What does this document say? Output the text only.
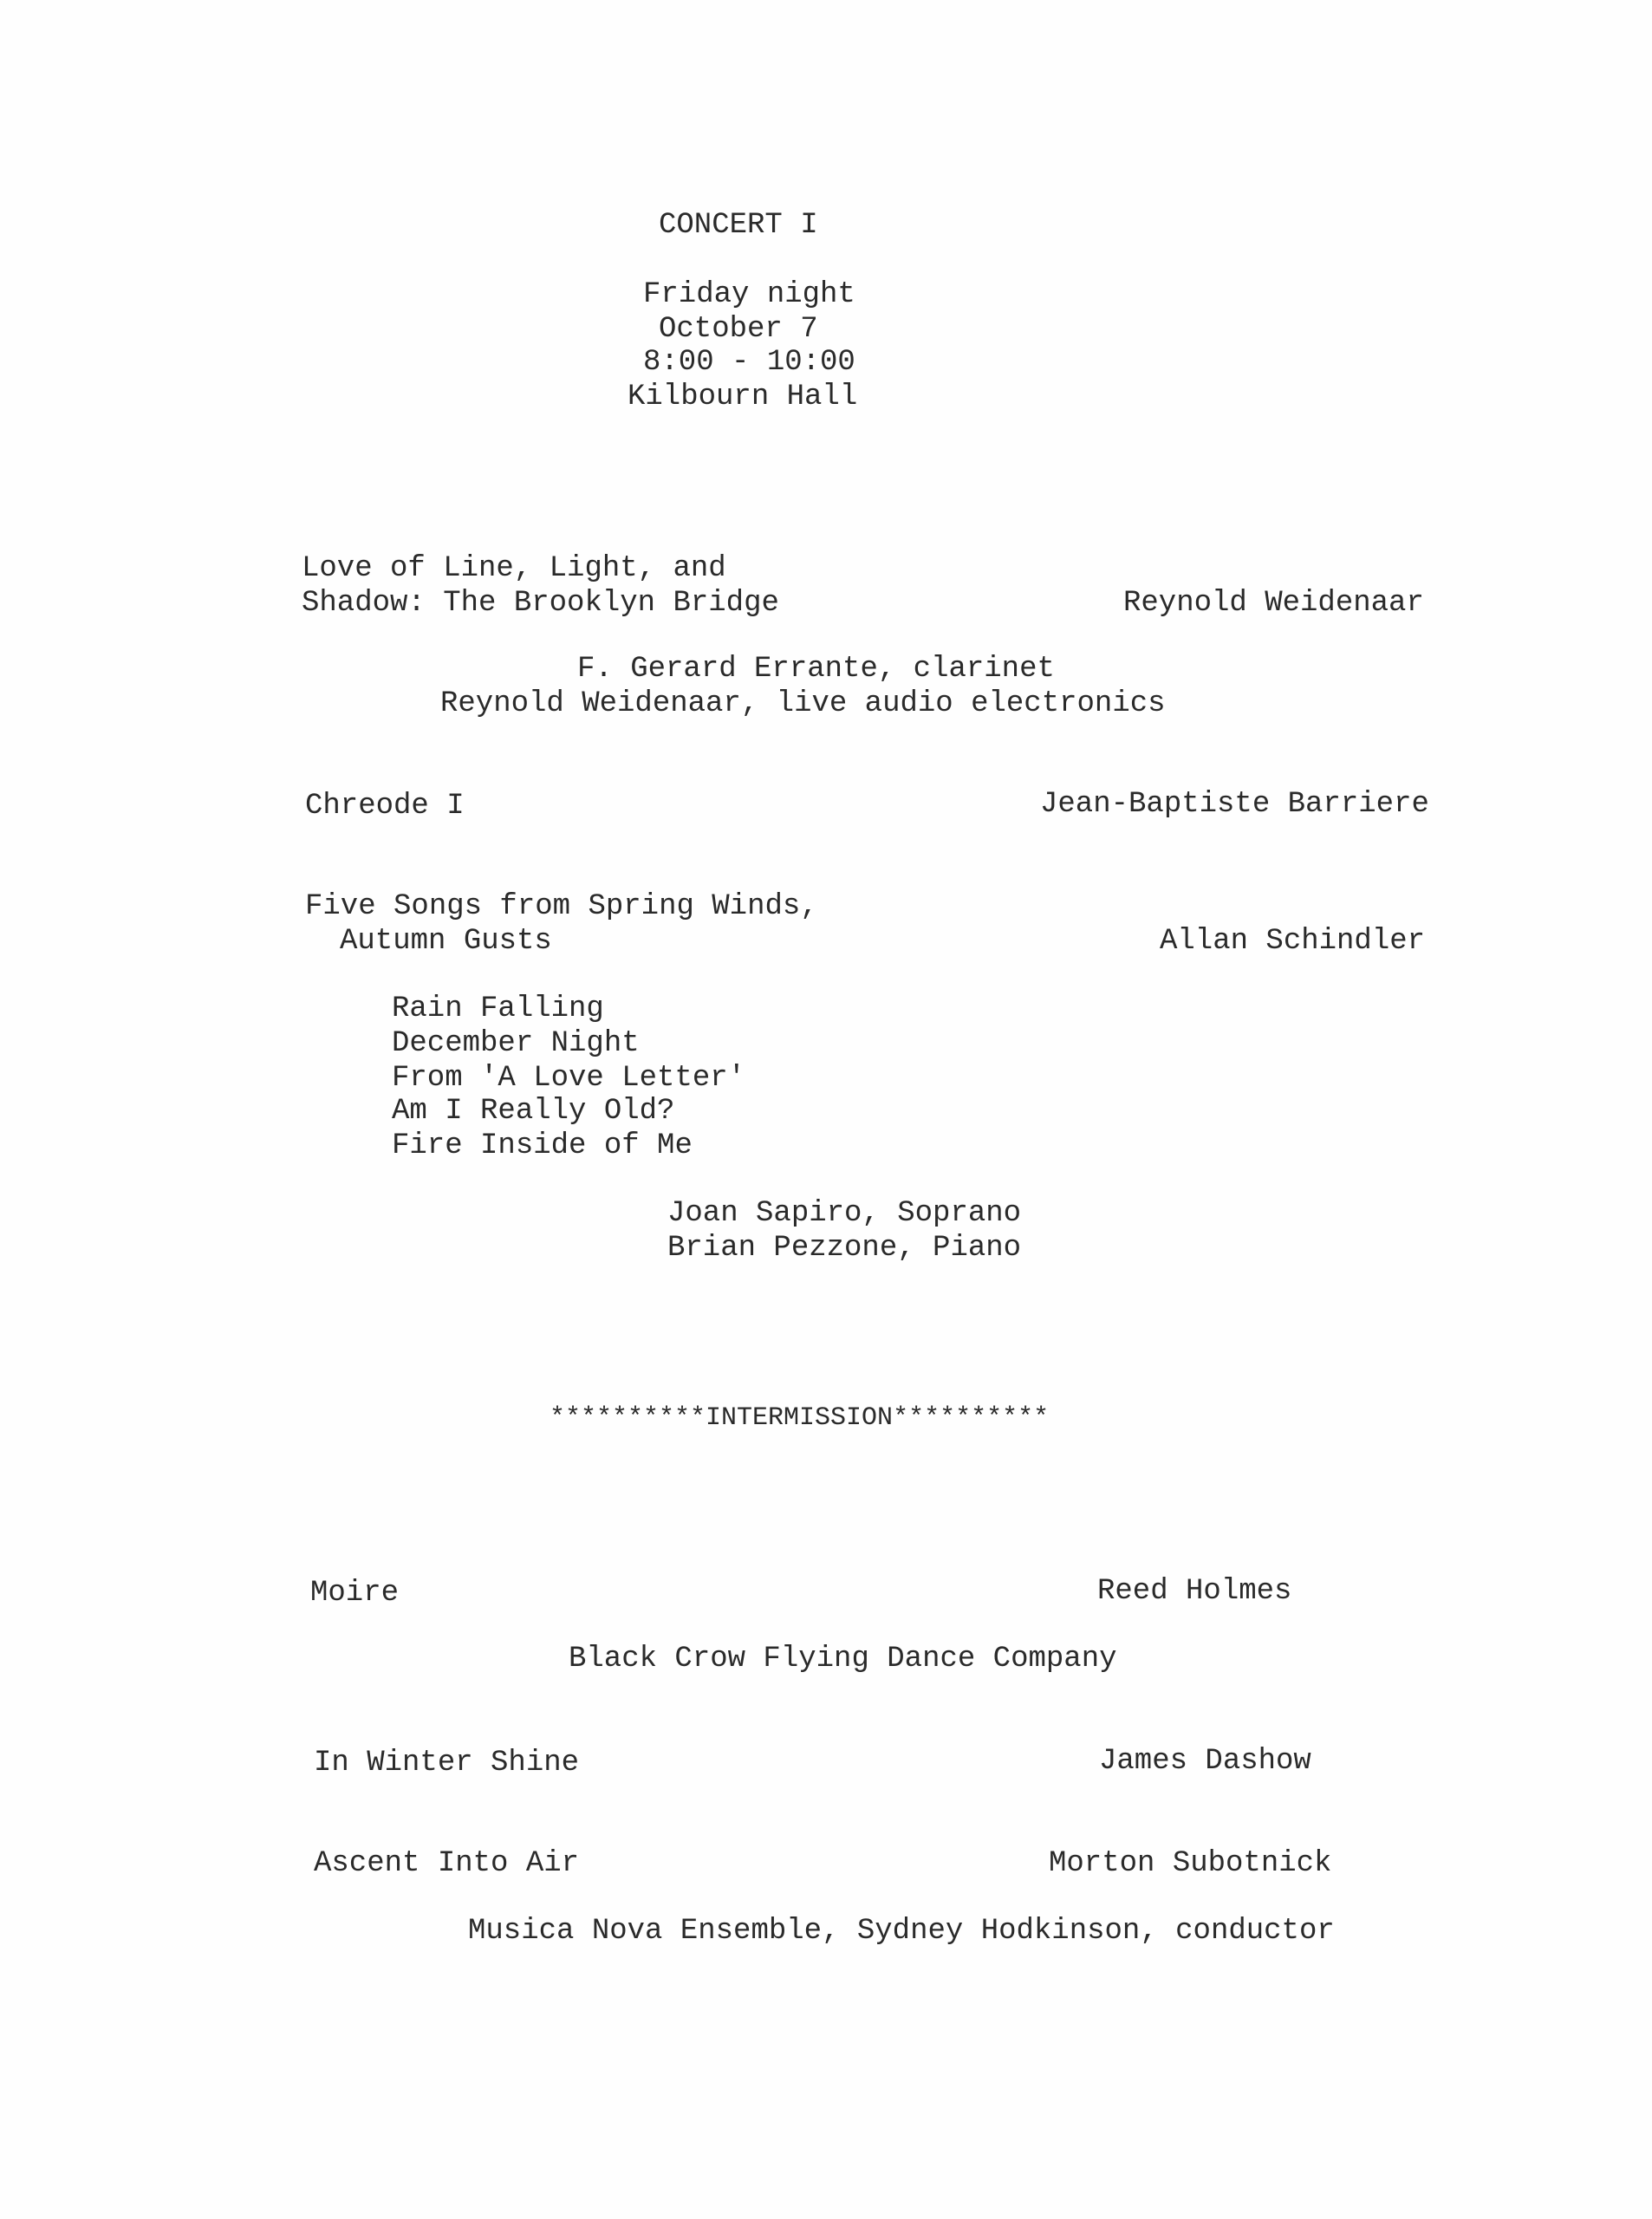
CONCERT I

Friday night

October 7

8:00 - 10:00

Kilbourn Hall

Love of Line, Light, and

Shadow: The Brooklyn Bridge	Reynold Weidenaar

F. Gerard Errante, clarinet

Reynold Weidenaar, live audio electronics

Chreode I	Jean-Baptiste Barriere

Five Songs from Spring Winds,

Autumn Gusts	Allan Schindler

Rain Falling

December Night

From 'A Love Letter'

Am I Really Old?

Fire Inside of Me

Joan Sapiro, Soprano

Brian Pezzone, Piano

**********INTERMISSION**********

Moire	Reed Holmes

Black Crow Flying Dance Company

In Winter Shine	James Dashow

Ascent Into Air	Morton Subotnick

Musica Nova Ensemble, Sydney Hodkinson, conductor
